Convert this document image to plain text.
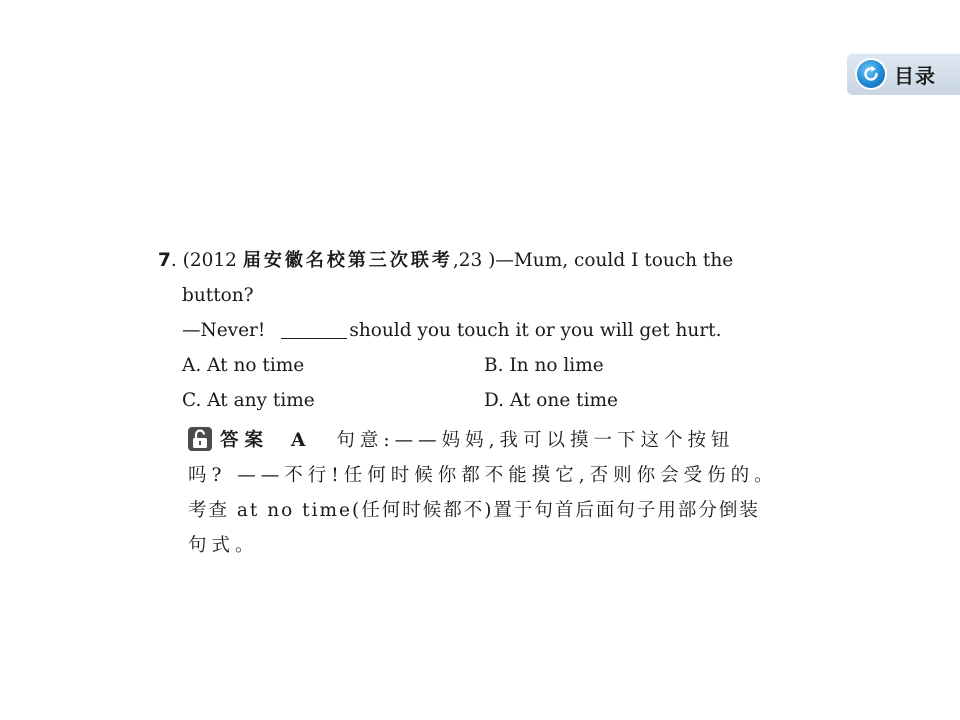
目录
7. (2012 届安徽名校第三次联考,23 )—Mum, could I touch the
button?
—Never!	should you touch it or you will get hurt.
A. At no time	B. In no lime
C. At any time	D. At one time
答案 A 句意:——妈妈,我可以摸一下这个按钮
吗? ——不行!任何时候你都不能摸它,否则你会受伤的。
考查 at no time(任何时候都不)置于句首后面句子用部分倒装
句式。
